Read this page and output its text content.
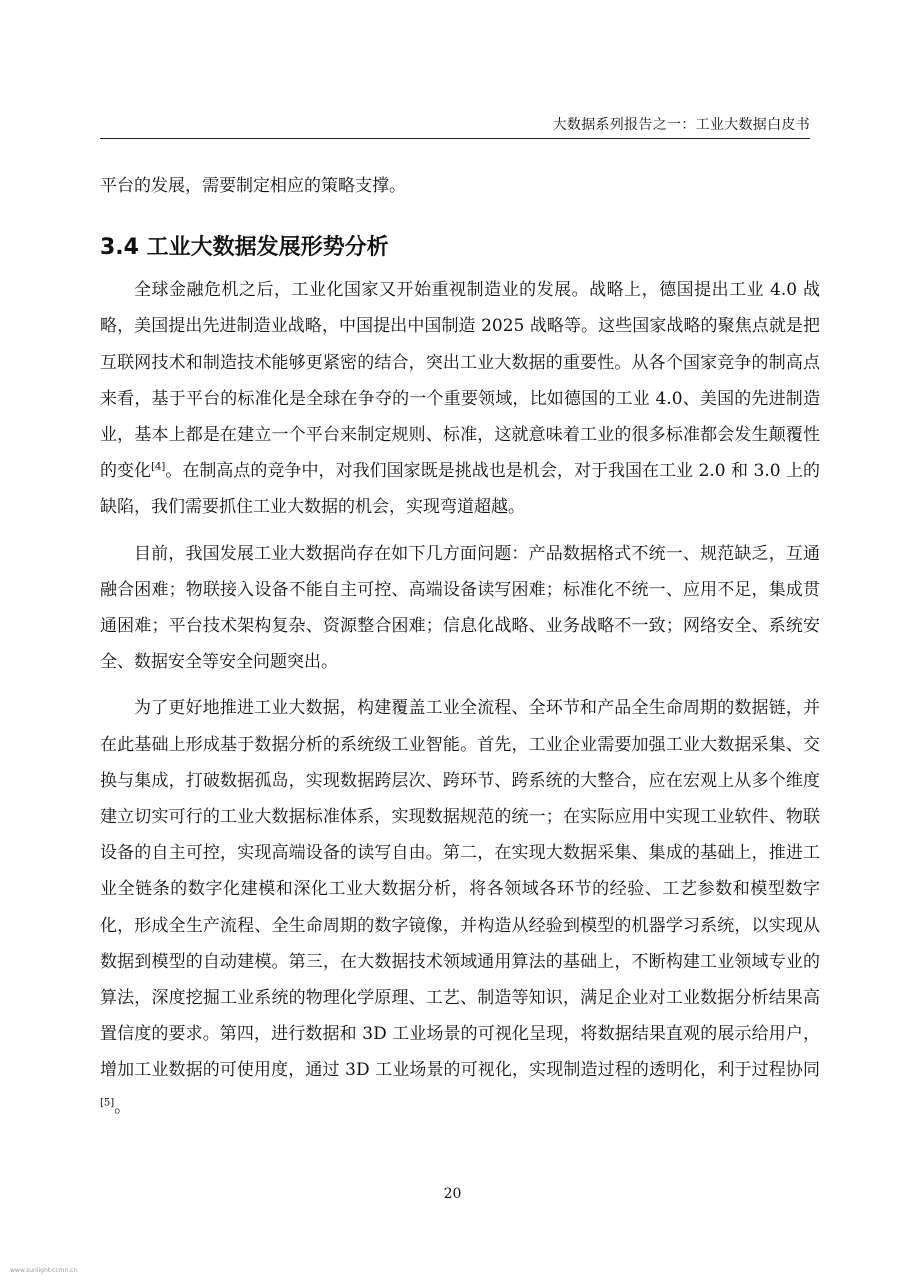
大数据系列报告之一：工业大数据白皮书

平台的发展，需要制定相应的策略支撑。

3.4 工业大数据发展形势分析

全球金融危机之后，工业化国家又开始重视制造业的发展。战略上，德国提出工业 4.0 战略，美国提出先进制造业战略，中国提出中国制造 2025 战略等。这些国家战略的聚焦点就是把互联网技术和制造技术能够更紧密的结合，突出工业大数据的重要性。从各个国家竞争的制高点来看，基于平台的标准化是全球在争夺的一个重要领域，比如德国的工业 4.0、美国的先进制造业，基本上都是在建立一个平台来制定规则、标准，这就意味着工业的很多标准都会发生颠覆性的变化[4]。在制高点的竞争中，对我们国家既是挑战也是机会，对于我国在工业 2.0 和 3.0 上的缺陷，我们需要抓住工业大数据的机会，实现弯道超越。

目前，我国发展工业大数据尚存在如下几方面问题：产品数据格式不统一、规范缺乏，互通融合困难；物联接入设备不能自主可控、高端设备读写困难；标准化不统一、应用不足，集成贯通困难；平台技术架构复杂、资源整合困难；信息化战略、业务战略不一致；网络安全、系统安全、数据安全等安全问题突出。

为了更好地推进工业大数据，构建覆盖工业全流程、全环节和产品全生命周期的数据链，并在此基础上形成基于数据分析的系统级工业智能。首先，工业企业需要加强工业大数据采集、交换与集成，打破数据孤岛，实现数据跨层次、跨环节、跨系统的大整合，应在宏观上从多个维度建立切实可行的工业大数据标准体系，实现数据规范的统一；在实际应用中实现工业软件、物联设备的自主可控，实现高端设备的读写自由。第二，在实现大数据采集、集成的基础上，推进工业全链条的数字化建模和深化工业大数据分析，将各领域各环节的经验、工艺参数和模型数字化，形成全生产流程、全生命周期的数字镜像，并构造从经验到模型的机器学习系统，以实现从数据到模型的自动建模。第三，在大数据技术领域通用算法的基础上，不断构建工业领域专业的算法，深度挖掘工业系统的物理化学原理、工艺、制造等知识，满足企业对工业数据分析结果高置信度的要求。第四，进行数据和 3D 工业场景的可视化呈现，将数据结果直观的展示给用户，增加工业数据的可使用度，通过 3D 工业场景的可视化，实现制造过程的透明化，利于过程协同[5]。

20
www.sunlight.ccmn.cn
